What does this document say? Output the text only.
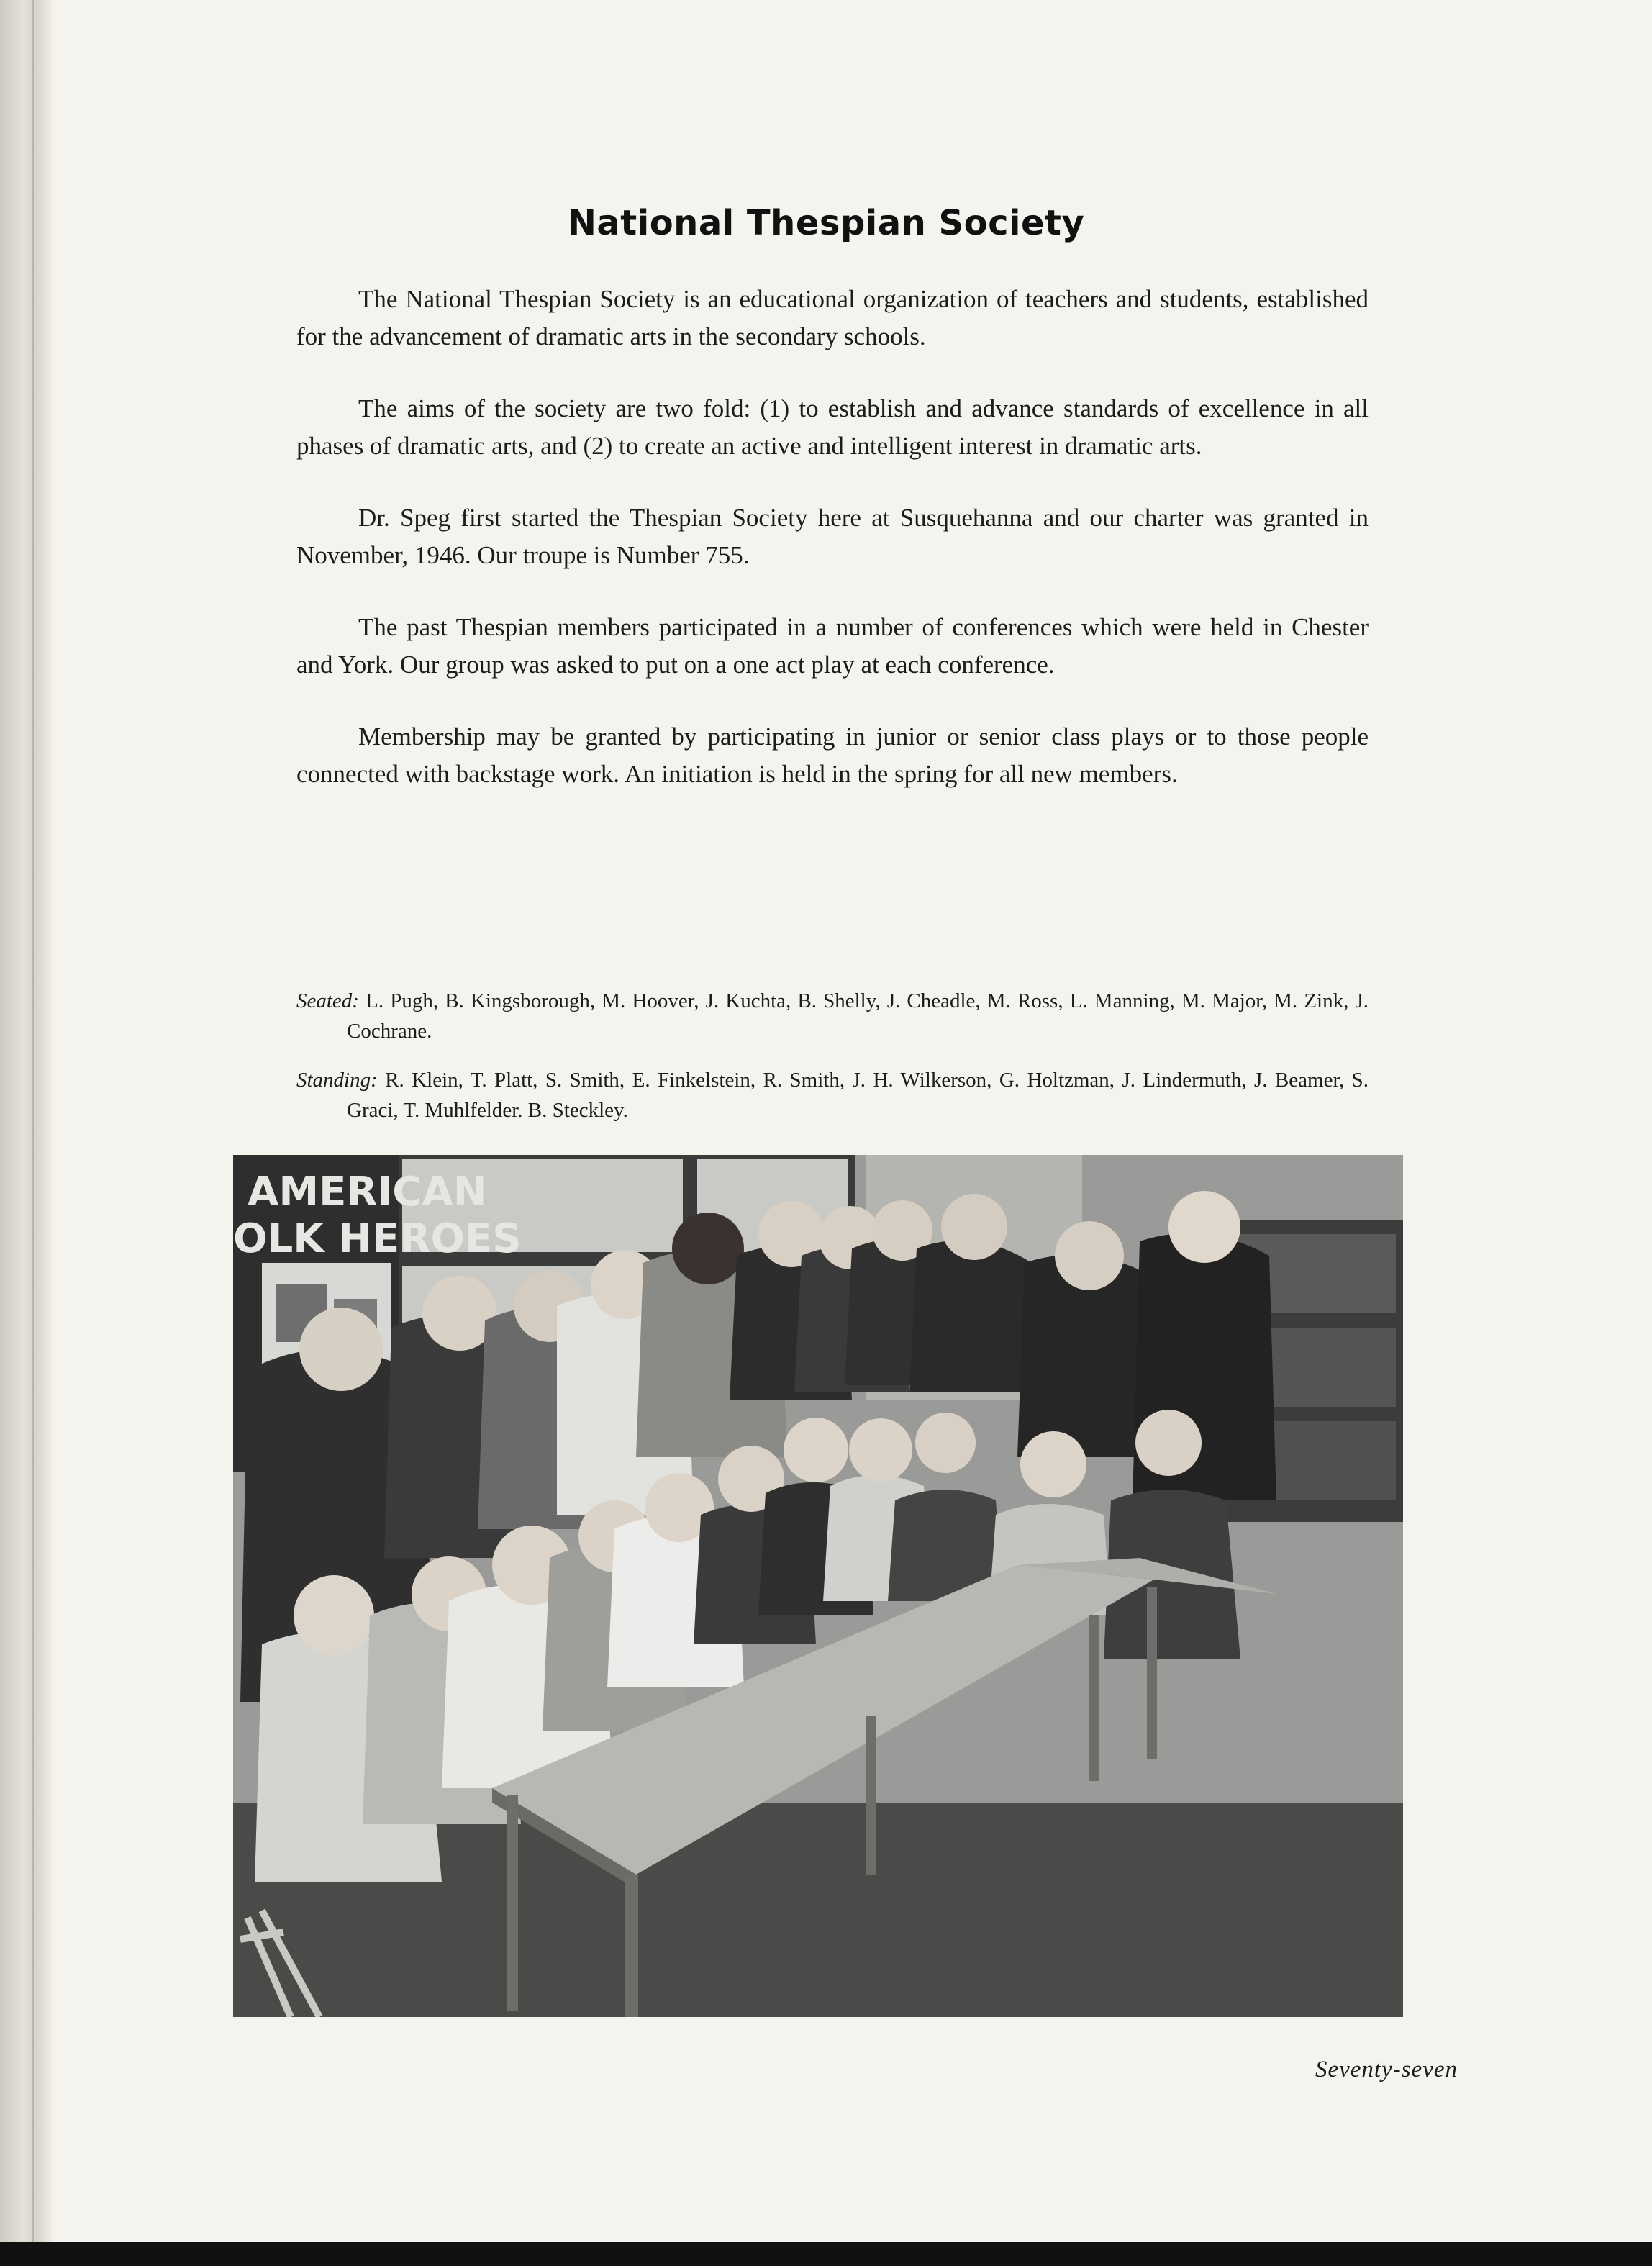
National Thespian Society

The National Thespian Society is an educational organization of teachers and students, established for the advancement of dramatic arts in the secondary schools.

The aims of the society are two fold: (1) to establish and advance standards of excellence in all phases of dramatic arts, and (2) to create an active and intelligent interest in dramatic arts.

Dr. Speg first started the Thespian Society here at Susquehanna and our charter was granted in November, 1946. Our troupe is Number 755.

The past Thespian members participated in a number of conferences which were held in Chester and York. Our group was asked to put on a one act play at each conference.

Membership may be granted by participating in junior or senior class plays or to those people connected with backstage work. An initiation is held in the spring for all new members.

Seated: L. Pugh, B. Kingsborough, M. Hoover, J. Kuchta, B. Shelly, J. Cheadle, M. Ross, L. Manning, M. Major, M. Zink, J. Cochrane.
Standing: R. Klein, T. Platt, S. Smith, E. Finkelstein, R. Smith, J. H. Wilkerson, G. Holtzman, J. Lindermuth, J. Beamer, S. Graci, T. Muhlfelder. B. Steckley.
AMERICAN
OLK HEROES
Seventy-seven
